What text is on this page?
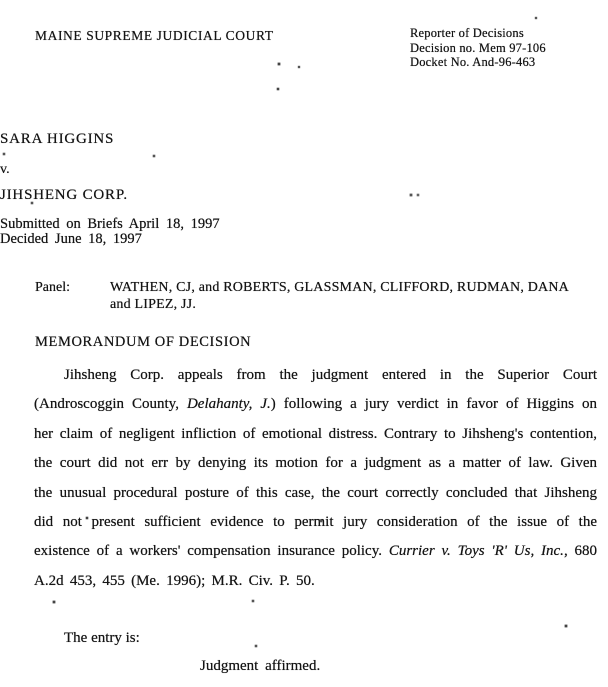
MAINE SUPREME JUDICIAL COURT	Reporter of Decisions
Decision no. Mem 97-106
Docket No. And-96-463
SARA HIGGINS
v.
JIHSHENG CORP.
Submitted on Briefs April 18, 1997
Decided June 18, 1997
Panel:	WATHEN, CJ, and ROBERTS, GLASSMAN, CLIFFORD, RUDMAN, DANA and LIPEZ, JJ.
MEMORANDUM OF DECISION
Jihsheng Corp. appeals from the judgment entered in the Superior Court (Androscoggin County, Delahanty, J.) following a jury verdict in favor of Higgins on her claim of negligent infliction of emotional distress. Contrary to Jihsheng's contention, the court did not err by denying its motion for a judgment as a matter of law. Given the unusual procedural posture of this case, the court correctly concluded that Jihsheng did not present sufficient evidence to permit jury consideration of the issue of the existence of a workers' compensation insurance policy. Currier v. Toys 'R' Us, Inc., 680 A.2d 453, 455 (Me. 1996); M.R. Civ. P. 50.
The entry is:
Judgment affirmed.
